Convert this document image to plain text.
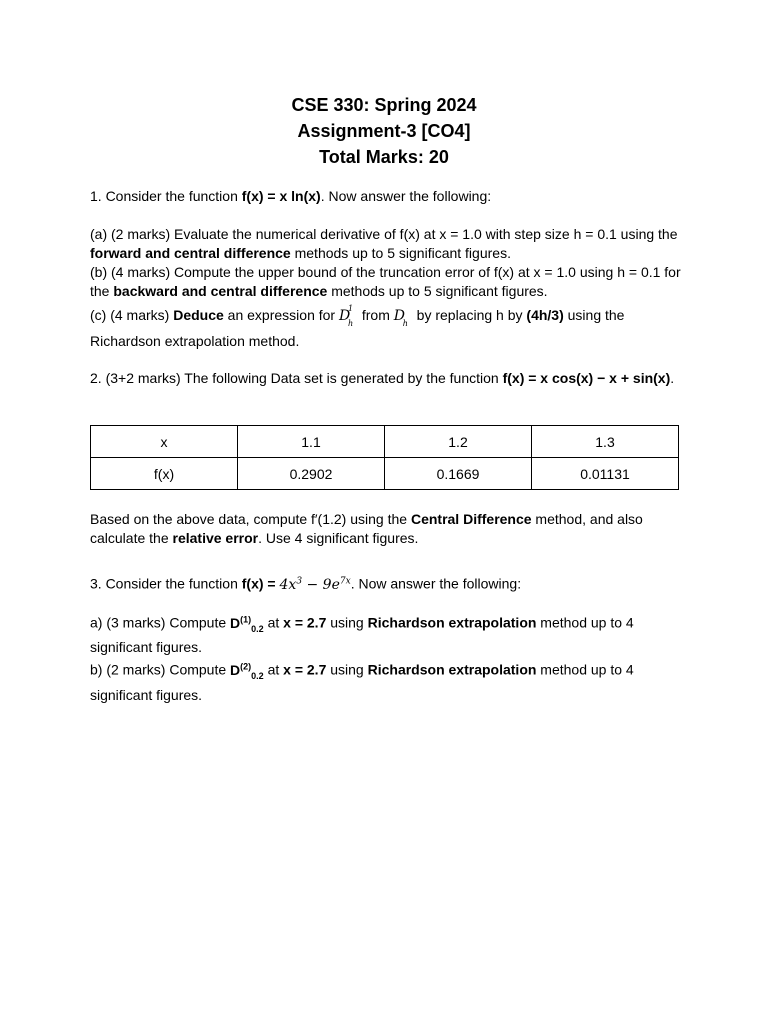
CSE 330: Spring 2024
Assignment-3 [CO4]
Total Marks: 20
1. Consider the function f(x) = x ln(x). Now answer the following:
(a) (2 marks) Evaluate the numerical derivative of f(x) at x = 1.0 with step size h = 0.1 using the
forward and central difference methods up to 5 significant figures.
(b) (4 marks) Compute the upper bound of the truncation error of f(x) at x = 1.0 using h = 0.1 for
the backward and central difference methods up to 5 significant figures.
(c) (4 marks) Deduce an expression for D
1
h
from D
h
by replacing h by (4h/3) using the
Richardson extrapolation method.
2. (3+2 marks) The following Data set is generated by the function f(x) = x cos(x) − x + sin(x).
x	1.1	1.2	1.3
f(x)	0.2902	0.1669	0.01131
Based on the above data, compute f′(1.2) using the Central Difference method, and also
calculate the relative error. Use 4 significant figures.
3. Consider the function $f(x) = 4x^3 - 9e^{7x}$. Now answer the following:
a) (3 marks) Compute $D^{(1)}_{0.2}$ at x = 2.7 using Richardson extrapolation method up to 4
significant figures.
b) (2 marks) Compute $D^{(2)}_{0.2}$ at x = 2.7 using Richardson extrapolation method up to 4
significant figures.
